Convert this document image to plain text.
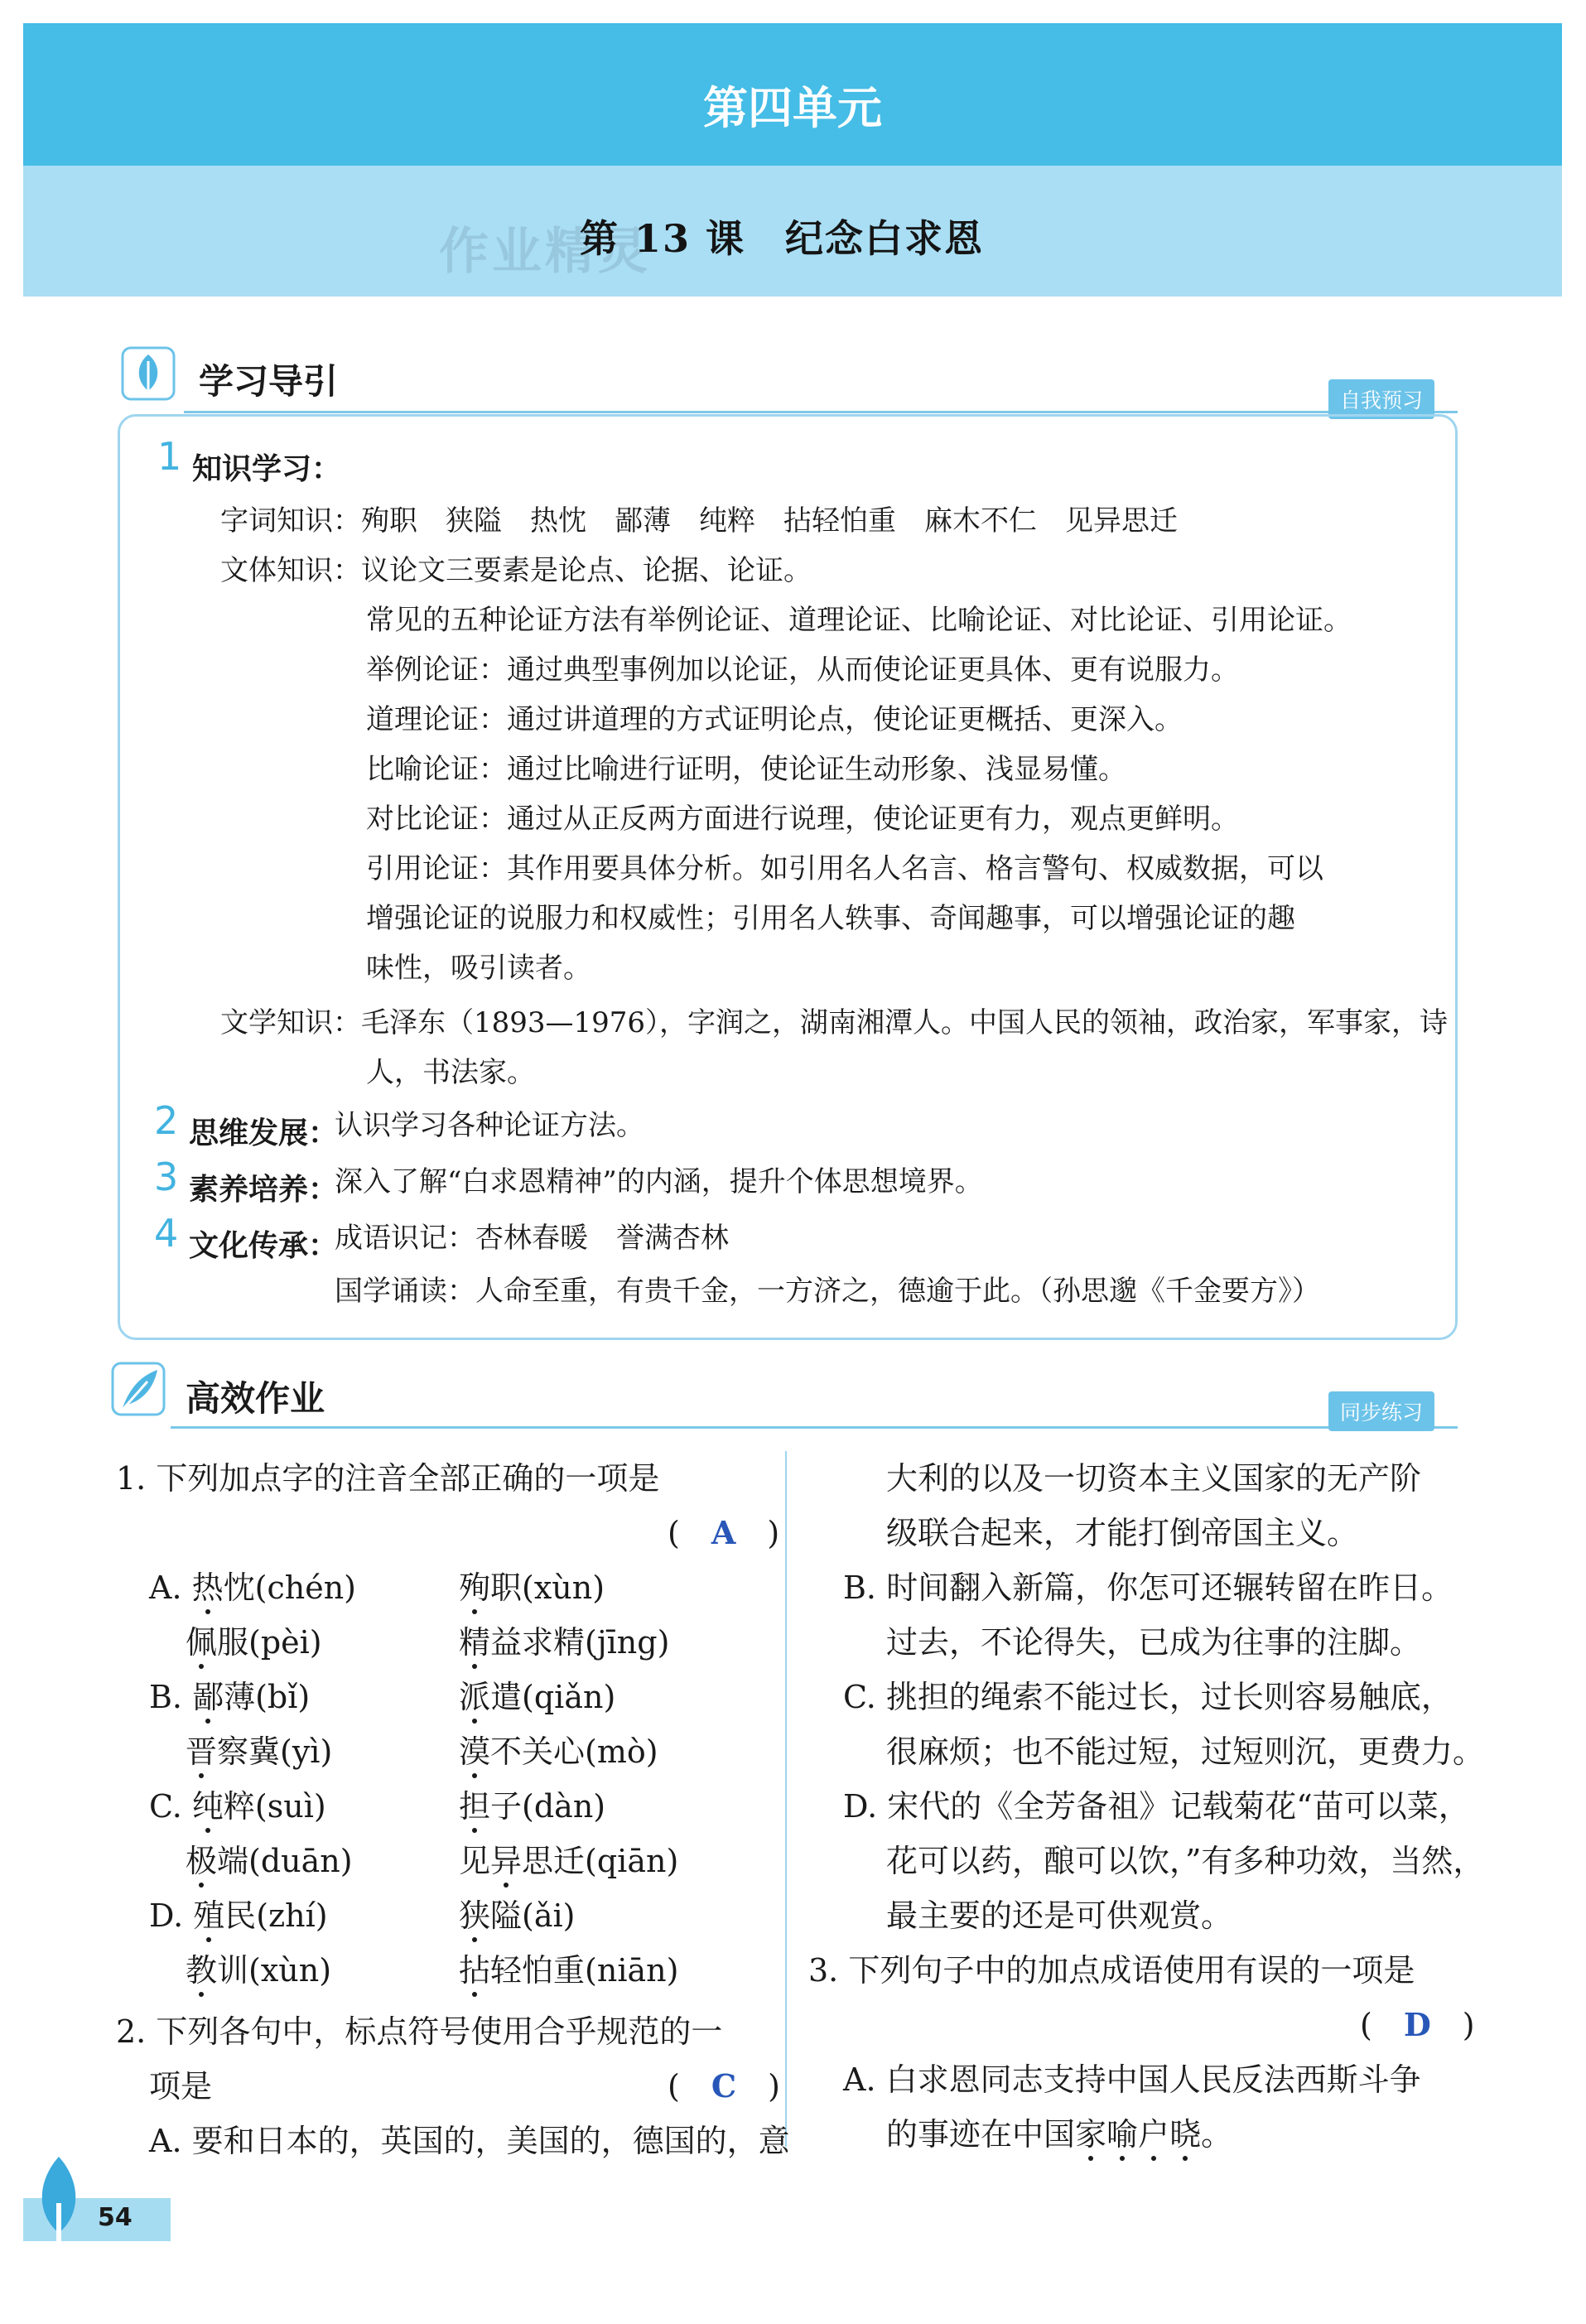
第四单元
作业精灵
第 13 课　纪念白求恩
学习导引	自我预习
1 知识学习：
字词知识：殉职　狭隘　热忱　鄙薄　纯粹　拈轻怕重　麻木不仁　见异思迁
文体知识：议论文三要素是论点、论据、论证。
常见的五种论证方法有举例论证、道理论证、比喻论证、对比论证、引用论证。
举例论证：通过典型事例加以论证，从而使论证更具体、更有说服力。
道理论证：通过讲道理的方式证明论点，使论证更概括、更深入。
比喻论证：通过比喻进行证明，使论证生动形象、浅显易懂。
对比论证：通过从正反两方面进行说理，使论证更有力，观点更鲜明。
引用论证：其作用要具体分析。如引用名人名言、格言警句、权威数据，可以
增强论证的说服力和权威性；引用名人轶事、奇闻趣事，可以增强论证的趣
味性，吸引读者。
文学知识：毛泽东（1893—1976），字润之，湖南湘潭人。中国人民的领袖，政治家，军事家，诗
人，书法家。
2 思维发展：
认识学习各种论证方法。
3 素养培养：
深入了解“白求恩精神”的内涵，提升个体思想境界。
4 文化传承：
成语识记：杏林春暖　誉满杏林
国学诵读：人命至重，有贵千金，一方济之，德逾于此。（孙思邈《千金要方》）
高效作业	同步练习
1. 下列加点字的注音全部正确的一项是
(　A　)
A. 热忱(chén)	殉职(xùn)
佩服(pèi)	精益求精(jīng)
B. 鄙薄(bǐ)	派遣(qiǎn)
晋察冀(yì)	漠不关心(mò)
C. 纯粹(suì)	担子(dàn)
极端(duān)	见异思迁(qiān)
D. 殖民(zhí)	狭隘(ǎi)
教训(xùn)	拈轻怕重(niān)
2. 下列各句中，标点符号使用合乎规范的一
项是	(　C　)
A. 要和日本的，英国的，美国的，德国的，意
大利的以及一切资本主义国家的无产阶
级联合起来，才能打倒帝国主义。
B. 时间翻入新篇，你怎可还辗转留在昨日。
过去，不论得失，已成为往事的注脚。
C. 挑担的绳索不能过长，过长则容易触底，
很麻烦；也不能过短，过短则沉，更费力。
D. 宋代的《全芳备祖》记载菊花“苗可以菜，
花可以药，酿可以饮，”有多种功效，当然，
最主要的还是可供观赏。
3. 下列句子中的加点成语使用有误的一项是
(　D　)
A. 白求恩同志支持中国人民反法西斯斗争
的事迹在中国家喻户晓。
54
